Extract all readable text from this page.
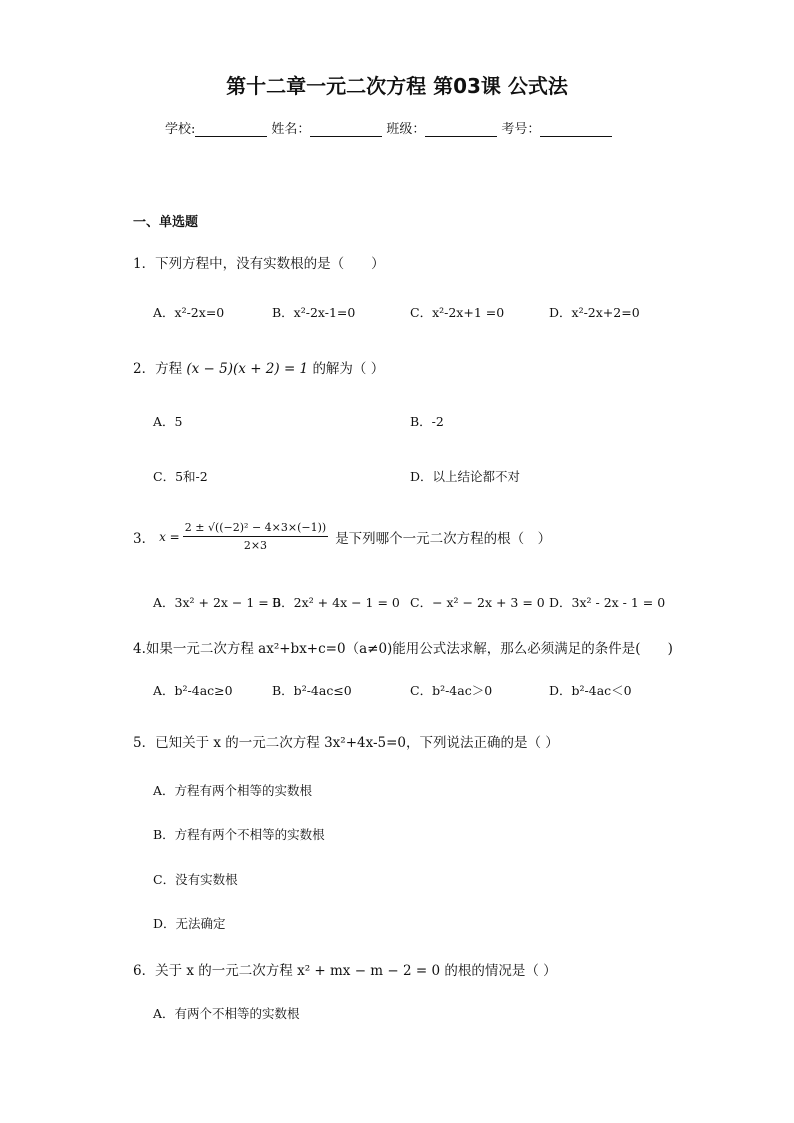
第十二章一元二次方程 第03课 公式法
学校:	姓名：	班级：	考号：
一、单选题
1．下列方程中，没有实数根的是（　　）
A．x²-2x=0	B．x²-2x-1=0	C．x²-2x+1 =0	D．x²-2x+2=0
2．方程 (x − 5)(x + 2) = 1 的解为（ ）
A．5	B．-2
C．5和-2	D．以上结论都不对
3． $x = \frac{\text{2 ± √((−2)² − 4×3×(−1))}}{2\times 3}$ 是下列哪个一元二次方程的根（　）
A．3x² + 2x − 1 = 0
B．2x² + 4x − 1 = 0 C．− x² − 2x + 3 = 0 D．3x² - 2x - 1 = 0
4.如果一元二次方程 ax²+bx+c=0（a≠0)能用公式法求解，那么必须满足的条件是(　　)
A．b²-4ac≥0	B．b²-4ac≤0	C．b²-4ac＞0	D．b²-4ac＜0
5．已知关于 x 的一元二次方程 3x²+4x-5=0，下列说法正确的是（ ）
A．方程有两个相等的实数根
B．方程有两个不相等的实数根
C．没有实数根
D．无法确定
6．关于 x 的一元二次方程 x² + mx − m − 2 = 0 的根的情况是（ ）
A．有两个不相等的实数根
